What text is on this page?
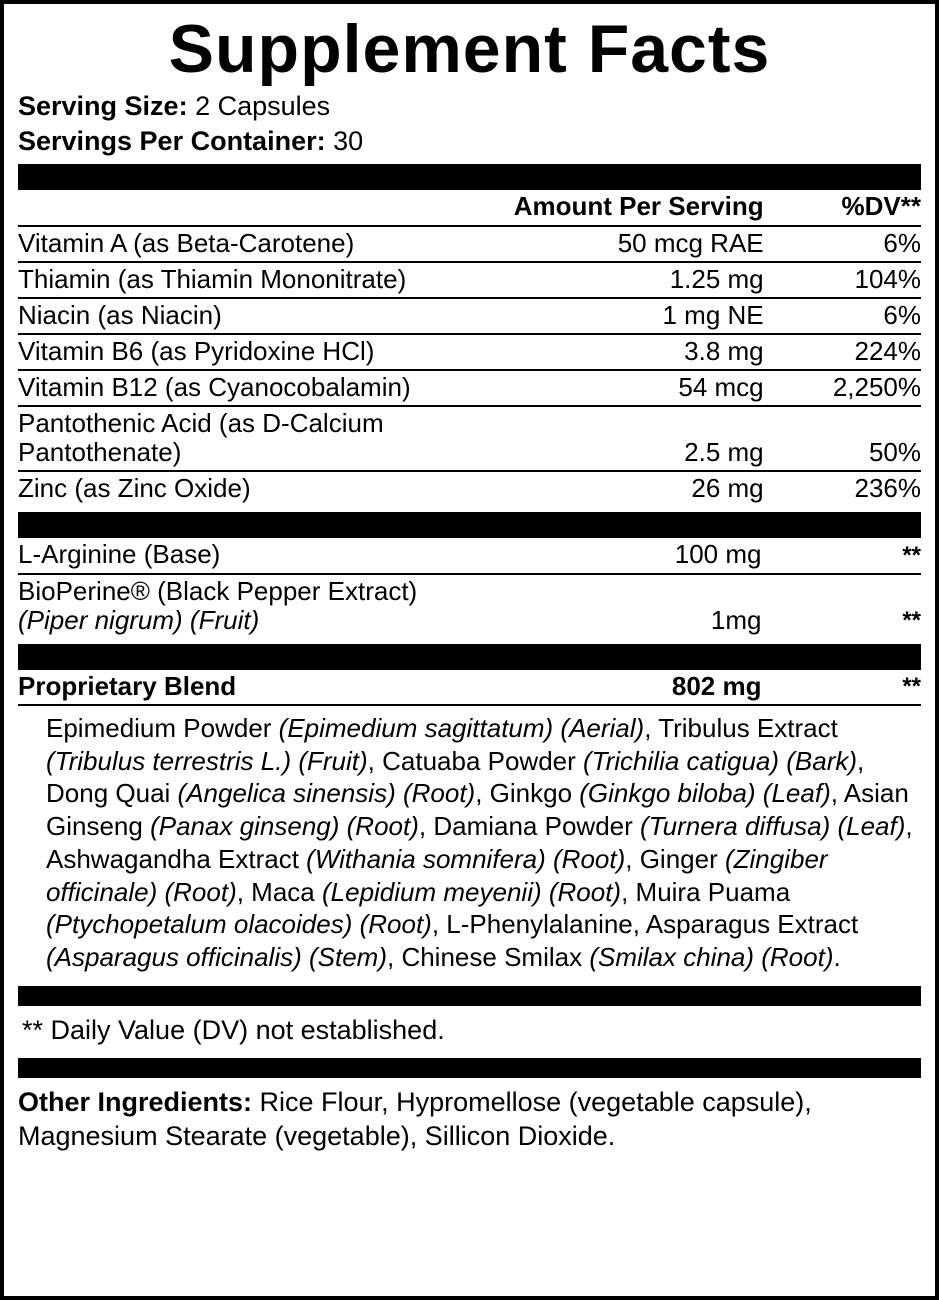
Supplement Facts
Serving Size: 2 Capsules
Servings Per Container: 30
	Amount Per Serving	%DV**
Vitamin A (as Beta-Carotene)	50 mcg RAE	6%
Thiamin (as Thiamin Mononitrate)	1.25 mg	104%
Niacin (as Niacin)	1 mg NE	6%
Vitamin B6 (as Pyridoxine HCl)	3.8 mg	224%
Vitamin B12 (as Cyanocobalamin)	54 mcg	2,250%
Pantothenic Acid (as D-Calcium Pantothenate)	2.5 mg	50%
Zinc (as Zinc Oxide)	26 mg	236%
L-Arginine (Base)	100 mg	**
BioPerine® (Black Pepper Extract)
(Piper nigrum) (Fruit)	1mg	**
Proprietary Blend	802 mg	**
Epimedium Powder (Epimedium sagittatum) (Aerial), Tribulus Extract (Tribulus terrestris L.) (Fruit), Catuaba Powder (Trichilia catigua) (Bark), Dong Quai (Angelica sinensis) (Root), Ginkgo (Ginkgo biloba) (Leaf), Asian Ginseng (Panax ginseng) (Root), Damiana Powder (Turnera diffusa) (Leaf), Ashwagandha Extract (Withania somnifera) (Root), Ginger (Zingiber officinale) (Root), Maca (Lepidium meyenii) (Root), Muira Puama (Ptychopetalum olacoides) (Root), L-Phenylalanine, Asparagus Extract (Asparagus officinalis) (Stem), Chinese Smilax (Smilax china) (Root).
** Daily Value (DV) not established.
Other Ingredients: Rice Flour, Hypromellose (vegetable capsule), Magnesium Stearate (vegetable), Sillicon Dioxide.
